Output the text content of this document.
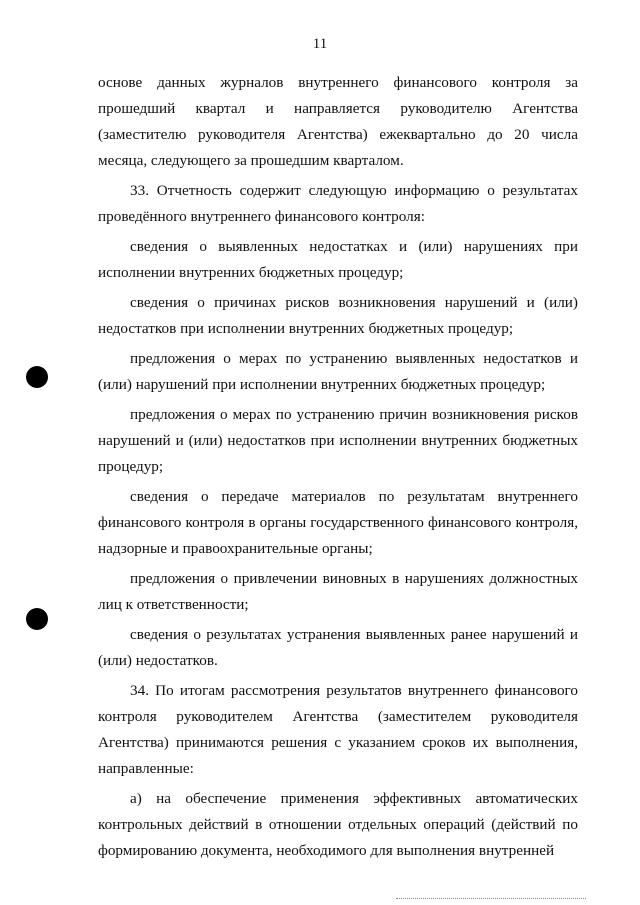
11

основе данных журналов внутреннего финансового контроля за прошедший квартал и направляется руководителю Агентства (заместителю руководителя Агентства) ежеквартально до 20 числа месяца, следующего за прошедшим кварталом.

33. Отчетность содержит следующую информацию о результатах проведённого внутреннего финансового контроля:

сведения о выявленных недостатках и (или) нарушениях при исполнении внутренних бюджетных процедур;

сведения о причинах рисков возникновения нарушений и (или) недостатков при исполнении внутренних бюджетных процедур;

предложения о мерах по устранению выявленных недостатков и (или) нарушений при исполнении внутренних бюджетных процедур;

предложения о мерах по устранению причин возникновения рисков нарушений и (или) недостатков при исполнении внутренних бюджетных процедур;

сведения о передаче материалов по результатам внутреннего финансового контроля в органы государственного финансового контроля, надзорные и правоохранительные органы;

предложения о привлечении виновных в нарушениях должностных лиц к ответственности;

сведения о результатах устранения выявленных ранее нарушений и (или) недостатков.

34. По итогам рассмотрения результатов внутреннего финансового контроля руководителем Агентства (заместителем руководителя Агентства) принимаются решения с указанием сроков их выполнения, направленные:

а) на обеспечение применения эффективных автоматических контрольных действий в отношении отдельных операций (действий по формированию документа, необходимого для выполнения внутренней
